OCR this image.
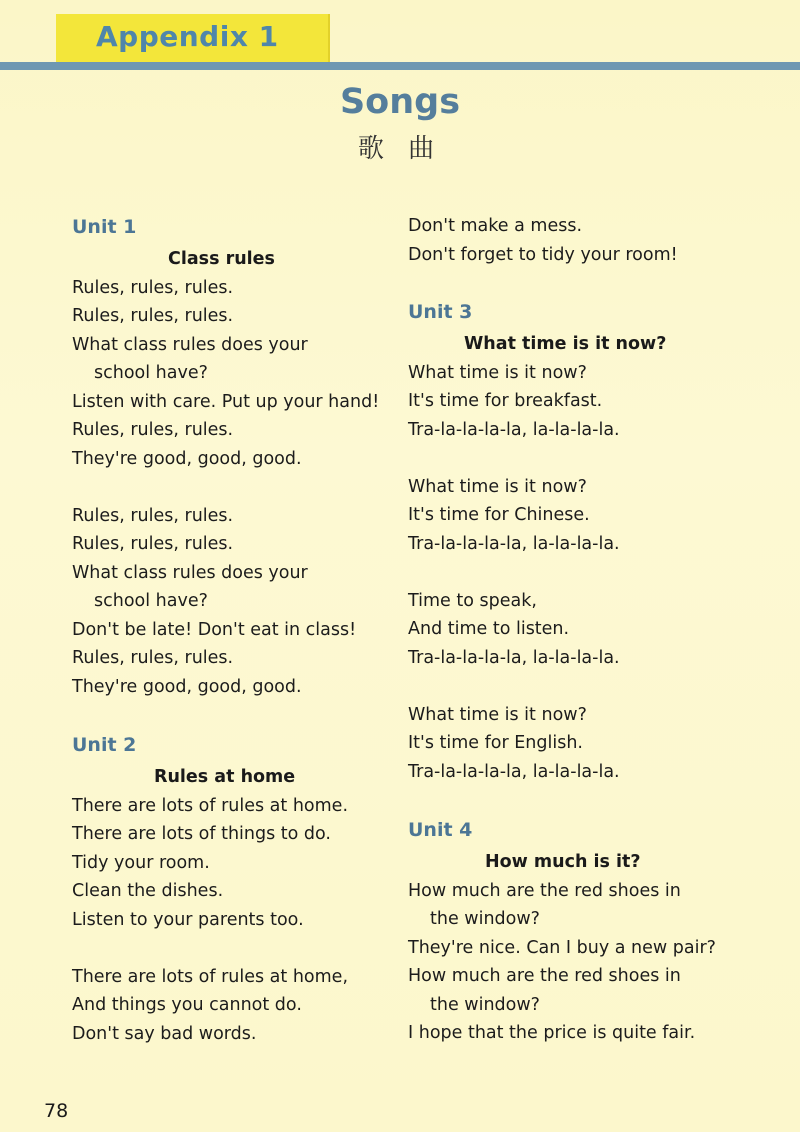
Appendix 1
Songs
歌 曲
Unit 1
Class rules
Rules, rules, rules.
Rules, rules, rules.
What class rules does your
school have?
Listen with care. Put up your hand!
Rules, rules, rules.
They're good, good, good.
Rules, rules, rules.
Rules, rules, rules.
What class rules does your
school have?
Don't be late! Don't eat in class!
Rules, rules, rules.
They're good, good, good.
Unit 2
Rules at home
There are lots of rules at home.
There are lots of things to do.
Tidy your room.
Clean the dishes.
Listen to your parents too.
There are lots of rules at home,
And things you cannot do.
Don't say bad words.
Don't make a mess.
Don't forget to tidy your room!
Unit 3
What time is it now?
What time is it now?
It's time for breakfast.
Tra-la-la-la-la, la-la-la-la.
What time is it now?
It's time for Chinese.
Tra-la-la-la-la, la-la-la-la.
Time to speak,
And time to listen.
Tra-la-la-la-la, la-la-la-la.
What time is it now?
It's time for English.
Tra-la-la-la-la, la-la-la-la.
Unit 4
How much is it?
How much are the red shoes in
the window?
They're nice. Can I buy a new pair?
How much are the red shoes in
the window?
I hope that the price is quite fair.
78
